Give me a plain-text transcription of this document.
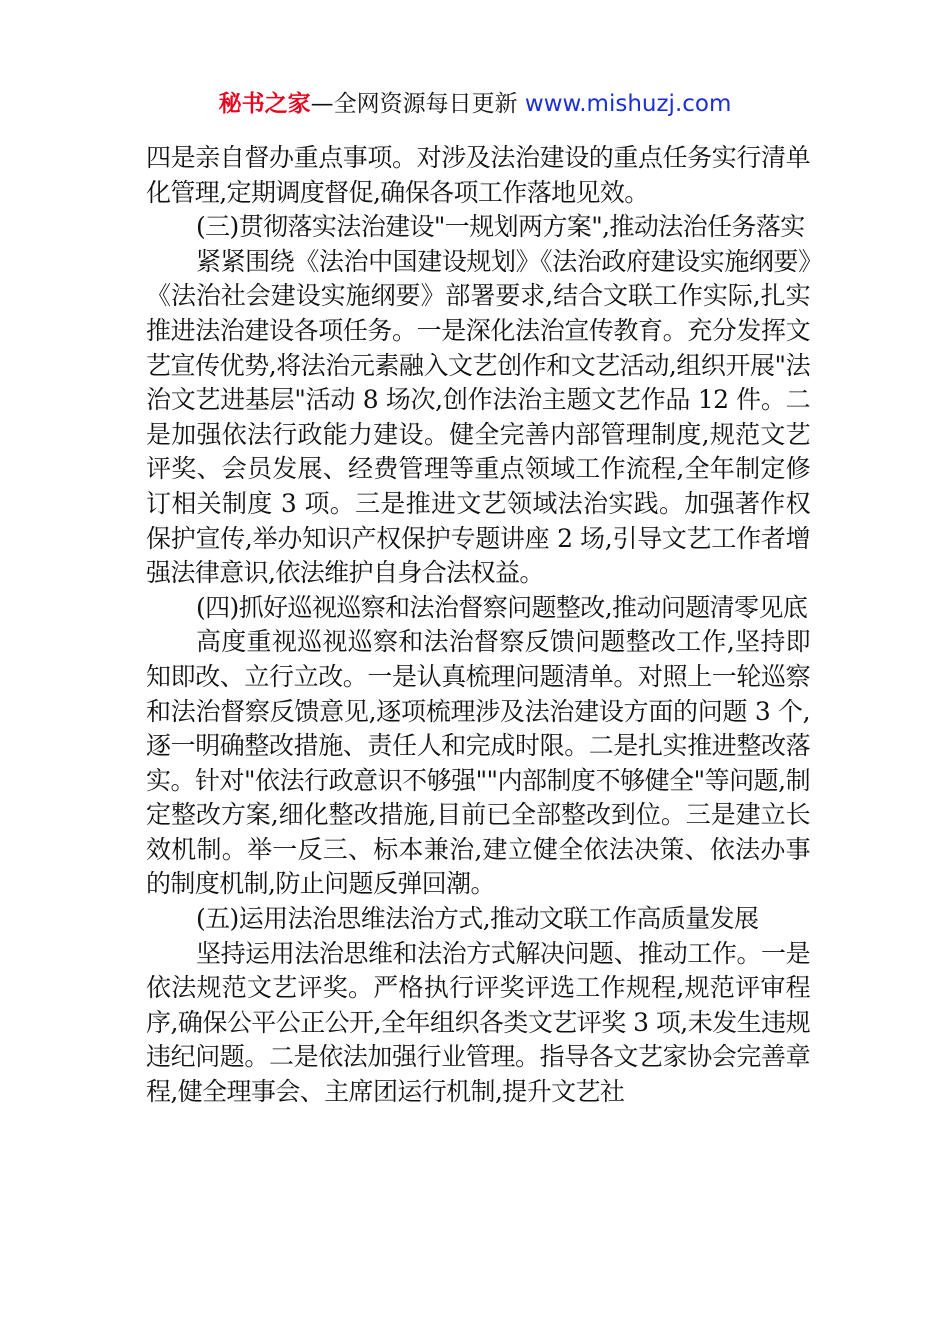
秘书之家—全网资源每日更新 www.mishuzj.com

四是亲自督办重点事项。对涉及法治建设的重点任务实行清单化管理,定期调度督促,确保各项工作落地见效。

(三)贯彻落实法治建设"一规划两方案",推动法治任务落实

紧紧围绕《法治中国建设规划》《法治政府建设实施纲要》《法治社会建设实施纲要》部署要求,结合文联工作实际,扎实推进法治建设各项任务。一是深化法治宣传教育。充分发挥文艺宣传优势,将法治元素融入文艺创作和文艺活动,组织开展"法治文艺进基层"活动 8 场次,创作法治主题文艺作品 12 件。二是加强依法行政能力建设。健全完善内部管理制度,规范文艺评奖、会员发展、经费管理等重点领域工作流程,全年制定修订相关制度 3 项。三是推进文艺领域法治实践。加强著作权保护宣传,举办知识产权保护专题讲座 2 场,引导文艺工作者增强法律意识,依法维护自身合法权益。

(四)抓好巡视巡察和法治督察问题整改,推动问题清零见底

高度重视巡视巡察和法治督察反馈问题整改工作,坚持即知即改、立行立改。一是认真梳理问题清单。对照上一轮巡察和法治督察反馈意见,逐项梳理涉及法治建设方面的问题 3 个,逐一明确整改措施、责任人和完成时限。二是扎实推进整改落实。针对"依法行政意识不够强""内部制度不够健全"等问题,制定整改方案,细化整改措施,目前已全部整改到位。三是建立长效机制。举一反三、标本兼治,建立健全依法决策、依法办事的制度机制,防止问题反弹回潮。

(五)运用法治思维法治方式,推动文联工作高质量发展

坚持运用法治思维和法治方式解决问题、推动工作。一是依法规范文艺评奖。严格执行评奖评选工作规程,规范评审程序,确保公平公正公开,全年组织各类文艺评奖 3 项,未发生违规违纪问题。二是依法加强行业管理。指导各文艺家协会完善章程,健全理事会、主席团运行机制,提升文艺社
